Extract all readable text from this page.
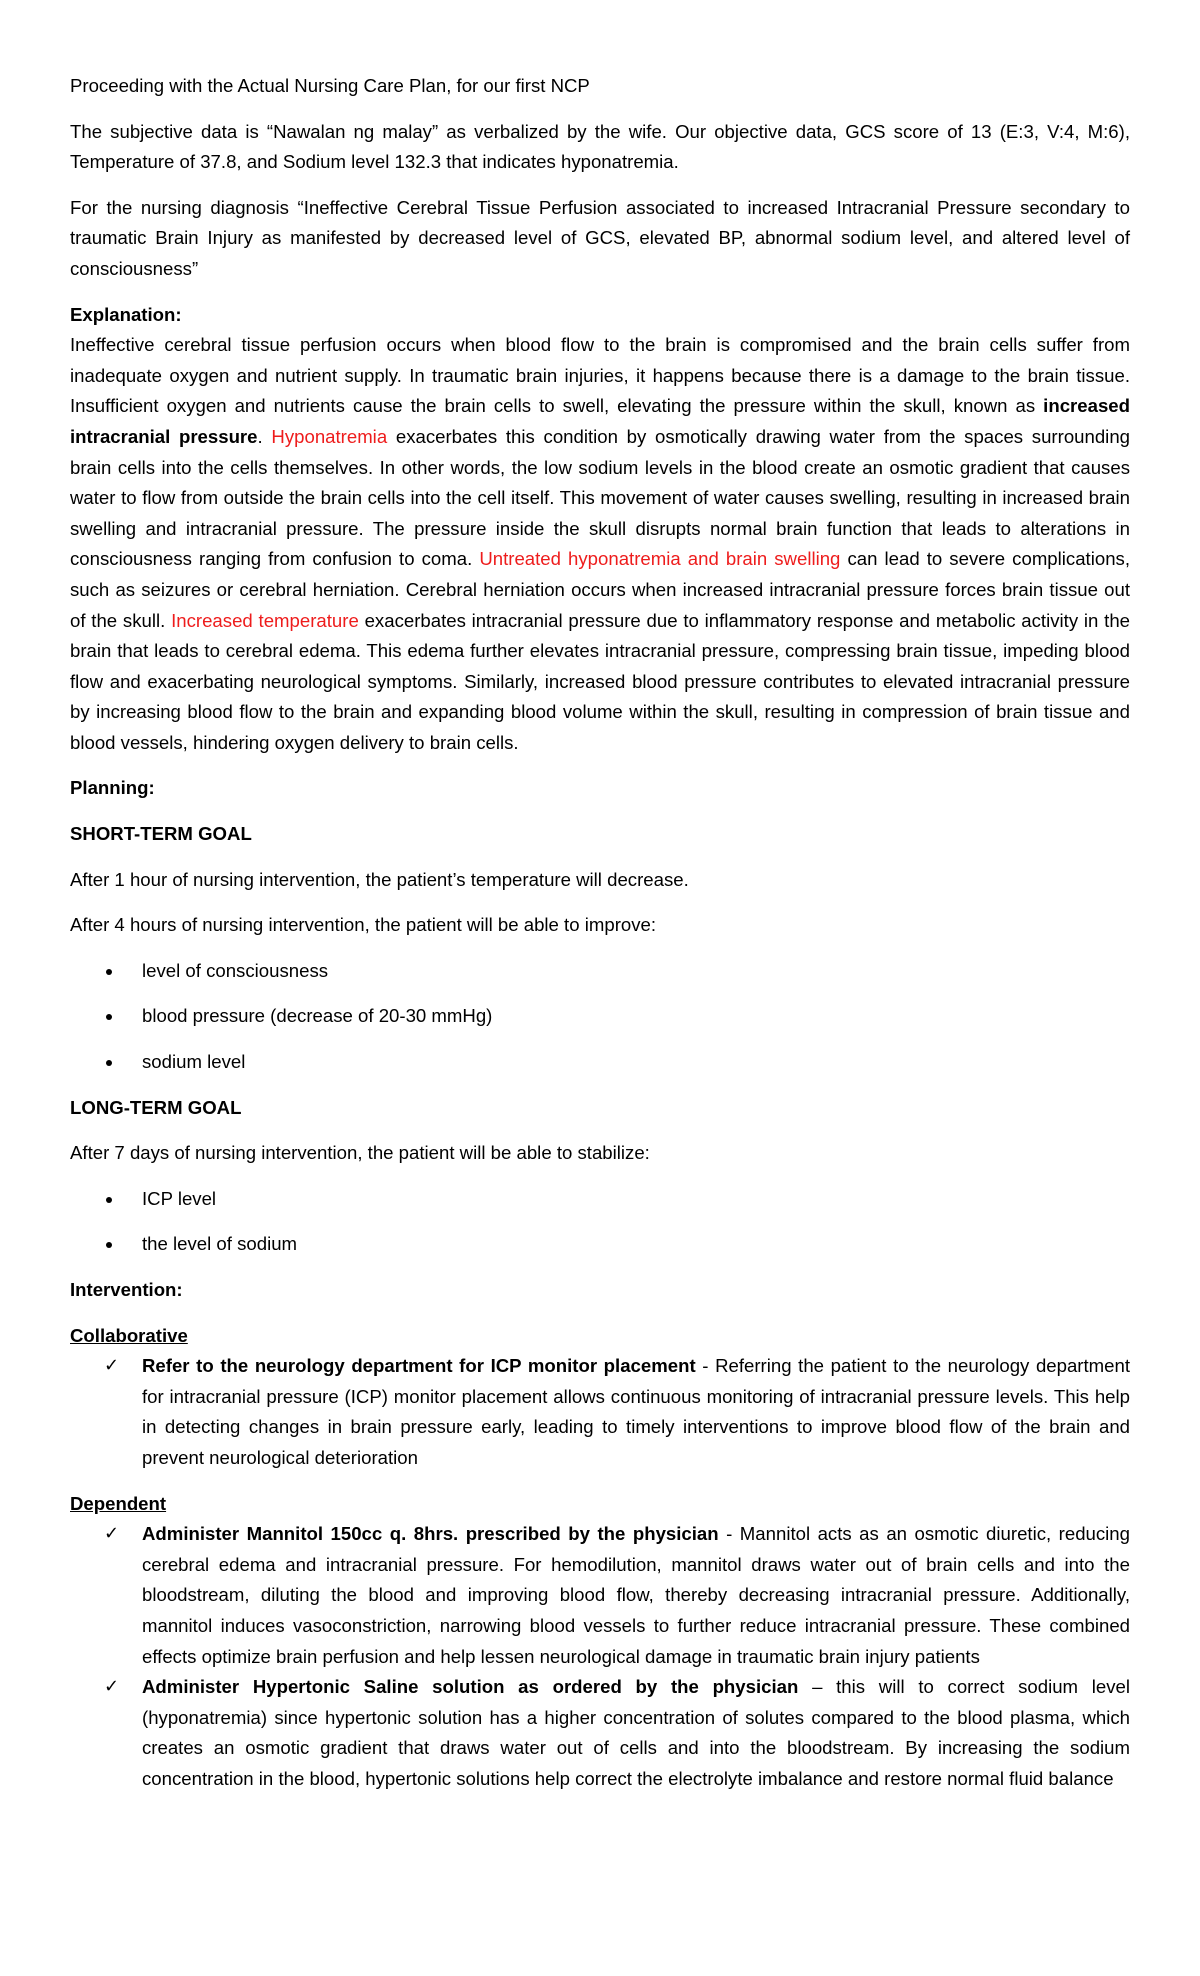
Proceeding with the Actual Nursing Care Plan, for our first NCP

The subjective data is “Nawalan ng malay” as verbalized by the wife. Our objective data, GCS score of 13 (E:3, V:4, M:6), Temperature of 37.8, and Sodium level 132.3 that indicates hyponatremia.

For the nursing diagnosis “Ineffective Cerebral Tissue Perfusion associated to increased Intracranial Pressure secondary to traumatic Brain Injury as manifested by decreased level of GCS, elevated BP, abnormal sodium level, and altered level of consciousness”

Explanation:

Ineffective cerebral tissue perfusion occurs when blood flow to the brain is compromised and the brain cells suffer from inadequate oxygen and nutrient supply. In traumatic brain injuries, it happens because there is a damage to the brain tissue. Insufficient oxygen and nutrients cause the brain cells to swell, elevating the pressure within the skull, known as increased intracranial pressure. Hyponatremia exacerbates this condition by osmotically drawing water from the spaces surrounding brain cells into the cells themselves. In other words, the low sodium levels in the blood create an osmotic gradient that causes water to flow from outside the brain cells into the cell itself. This movement of water causes swelling, resulting in increased brain swelling and intracranial pressure. The pressure inside the skull disrupts normal brain function that leads to alterations in consciousness ranging from confusion to coma. Untreated hyponatremia and brain swelling can lead to severe complications, such as seizures or cerebral herniation. Cerebral herniation occurs when increased intracranial pressure forces brain tissue out of the skull. Increased temperature exacerbates intracranial pressure due to inflammatory response and metabolic activity in the brain that leads to cerebral edema. This edema further elevates intracranial pressure, compressing brain tissue, impeding blood flow and exacerbating neurological symptoms. Similarly, increased blood pressure contributes to elevated intracranial pressure by increasing blood flow to the brain and expanding blood volume within the skull, resulting in compression of brain tissue and blood vessels, hindering oxygen delivery to brain cells.

Planning:

SHORT-TERM GOAL

After 1 hour of nursing intervention, the patient’s temperature will decrease.

After 4 hours of nursing intervention, the patient will be able to improve:

level of consciousness
blood pressure (decrease of 20-30 mmHg)
sodium level

LONG-TERM GOAL

After 7 days of nursing intervention, the patient will be able to stabilize:

ICP level
the level of sodium

Intervention:

Collaborative

✓ Refer to the neurology department for ICP monitor placement - Referring the patient to the neurology department for intracranial pressure (ICP) monitor placement allows continuous monitoring of intracranial pressure levels. This help in detecting changes in brain pressure early, leading to timely interventions to improve blood flow of the brain and prevent neurological deterioration

Dependent

✓ Administer Mannitol 150cc q. 8hrs. prescribed by the physician - Mannitol acts as an osmotic diuretic, reducing cerebral edema and intracranial pressure. For hemodilution, mannitol draws water out of brain cells and into the bloodstream, diluting the blood and improving blood flow, thereby decreasing intracranial pressure. Additionally, mannitol induces vasoconstriction, narrowing blood vessels to further reduce intracranial pressure. These combined effects optimize brain perfusion and help lessen neurological damage in traumatic brain injury patients
✓ Administer Hypertonic Saline solution as ordered by the physician – this will to correct sodium level (hyponatremia) since hypertonic solution has a higher concentration of solutes compared to the blood plasma, which creates an osmotic gradient that draws water out of cells and into the bloodstream. By increasing the sodium concentration in the blood, hypertonic solutions help correct the electrolyte imbalance and restore normal fluid balance
